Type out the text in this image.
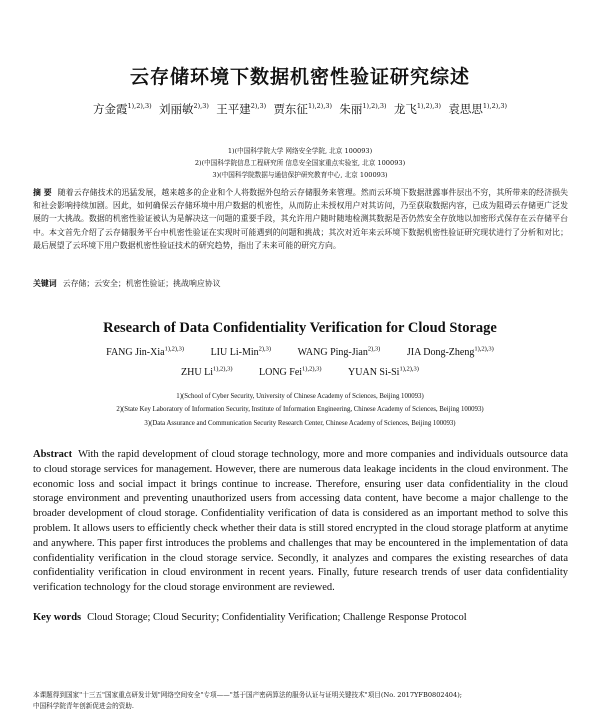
云存储环境下数据机密性验证研究综述
方金霞$^{1),2),3)}$ 刘丽敏$^{2),3)}$ 王平建$^{2),3)}$ 贾东征$^{1),2),3)}$ 朱丽$^{1),2),3)}$ 龙飞$^{1),2),3)}$ 袁思思$^{1),2),3)}$
1)(中国科学院大学 网络安全学院, 北京 100093)
2)(中国科学院信息工程研究所 信息安全国家重点实验室, 北京 100093)
3)(中国科学院数据与通信保护研究教育中心, 北京 100093)
摘 要 随着云存储技术的迅猛发展，越来越多的企业和个人将数据外包给云存储服务来管理。然而云环境下数据泄露事件层出不穷，其所带来的经济损失和社会影响持续加剧。因此，如何确保云存储环境中用户数据的机密性，从而防止未授权用户对其访问，乃至获取数据内容，已成为阻碍云存储更广泛发展的一大挑战。数据的机密性验证被认为是解决这一问题的重要手段，其允许用户随时随地检测其数据是否仍然安全存放地以加密形式保存在云存储平台中。本文首先介绍了云存储服务平台中机密性验证在实现时可能遇到的问题和挑战；其次对近年来云环境下数据机密性验证研究现状进行了分析和对比；最后展望了云环境下用户数据机密性验证技术的研究趋势，指出了未来可能的研究方向。
关键词 云存储；云安全；机密性验证；挑战响应协议
Research of Data Confidentiality Verification for Cloud Storage
FANG Jin-Xia$^{1),2),3)}$	LIU Li-Min$^{2),3)}$	WANG Ping-Jian$^{2),3)}$	JIA Dong-Zheng$^{1),2),3)}$
ZHU $Li^{1),2),3)}$	LONG Fei$^{1),2),3)}$	YUAN $Si-Si^{1),2),3)}$
1)(School of Cyber Security, University of Chinese Academy of Sciences, Beijing 100093)
2)(State Key Laboratory of Information Security, Institute of Information Engineering, Chinese Academy of Sciences, Beijing 100093)
3)(Data Assurance and Communication Security Research Center, Chinese Academy of Sciences, Beijing 100093)
Abstract With the rapid development of cloud storage technology, more and more companies and individuals outsource data to cloud storage services for management. However, there are numerous data leakage incidents in the cloud environment. The economic loss and social impact it brings continue to increase. Therefore, ensuring user data confidentiality in the cloud storage environment and preventing unauthorized users from accessing data content, have become a major challenge to the broader development of cloud storage. Confidentiality verification of data is considered as an important method to solve this problem. It allows users to efficiently check whether their data is still stored encrypted in the cloud storage platform at anytime and anywhere. This paper first introduces the problems and challenges that may be encountered in the implementation of data confidentiality verification in the cloud storage service. Secondly, it analyzes and compares the existing researches of data confidentiality verification in cloud environment in recent years. Finally, future research trends of user data confidentiality verification technology for the cloud storage environment are reviewed.
Key words Cloud Storage; Cloud Security; Confidentiality Verification; Challenge Response Protocol
本课题得到国家"十三五"国家重点研发计划"网络空间安全"专项——"基于国产密码算法的服务认证与证明关键技术"项目(No. 2017YFB0802404);
中国科学院青年创新促进会的资助.
